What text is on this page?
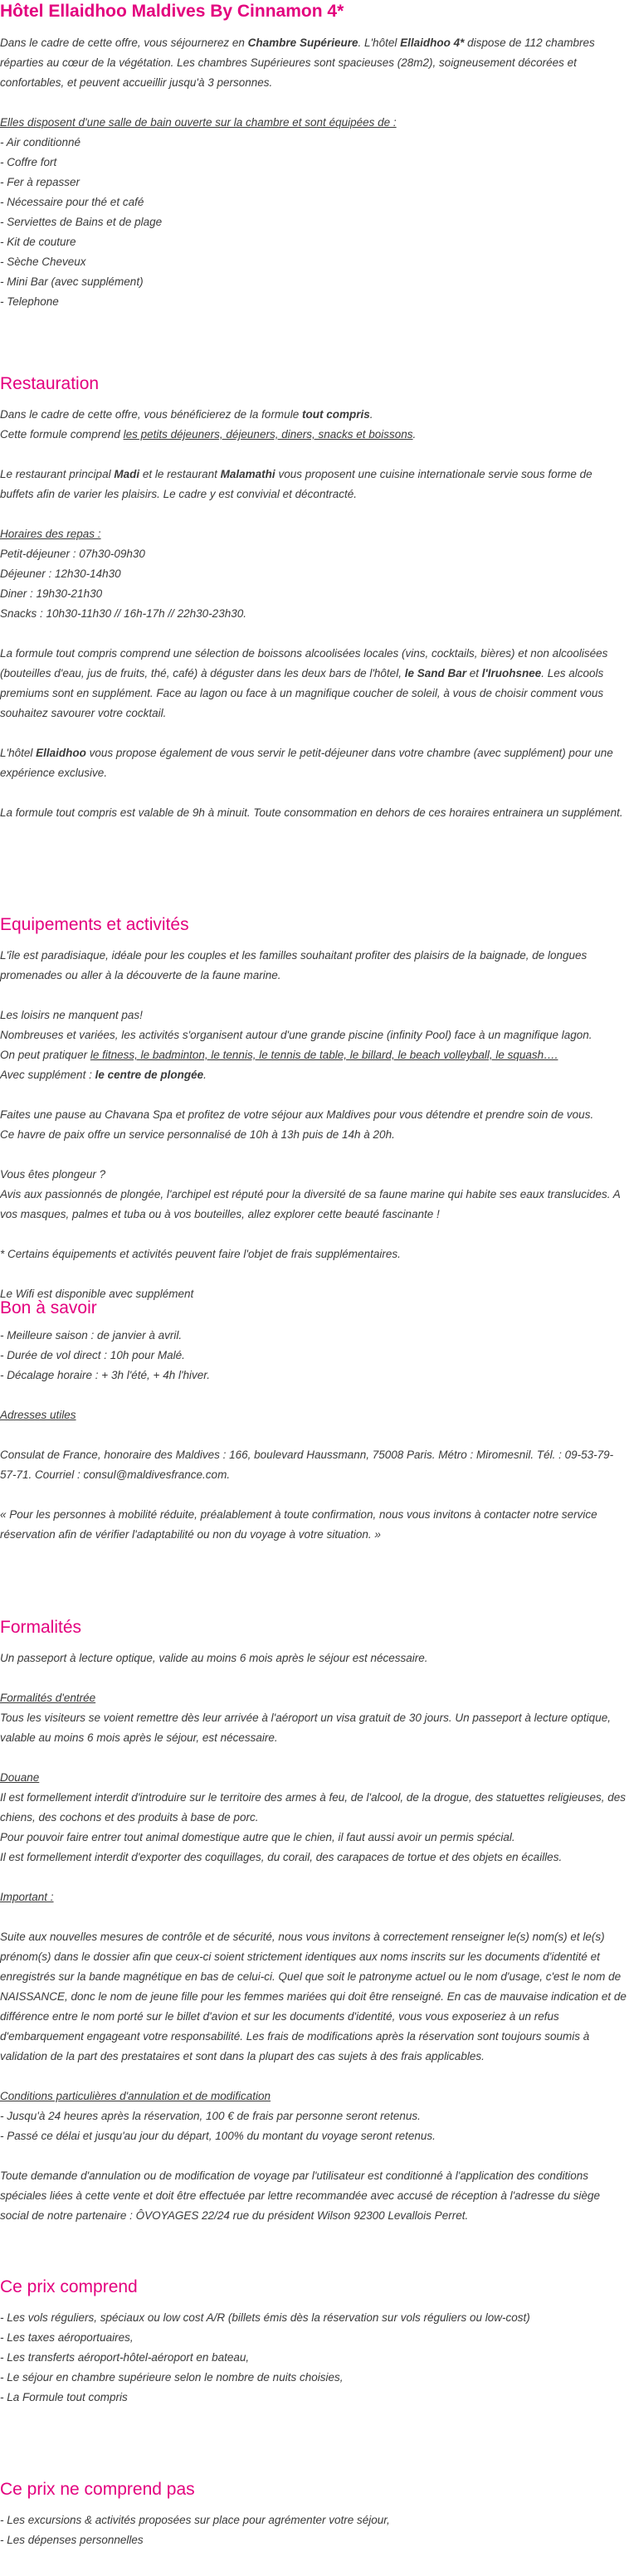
Hôtel Ellaidhoo Maldives By Cinnamon 4*

Dans le cadre de cette offre, vous séjournerez en Chambre Supérieure. L'hôtel Ellaidhoo 4* dispose de 112 chambres réparties au cœur de la végétation. Les chambres Supérieures sont spacieuses (28m2), soigneusement décorées et confortables, et peuvent accueillir jusqu'à 3 personnes.

Elles disposent d'une salle de bain ouverte sur la chambre et sont équipées de :

- Air conditionné

- Coffre fort

- Fer à repasser

- Nécessaire pour thé et café

- Serviettes de Bains et de plage

- Kit de couture

- Sèche Cheveux

- Mini Bar (avec supplément)

- Telephone

Restauration

Dans le cadre de cette offre, vous bénéficierez de la formule tout compris.

Cette formule comprend les petits déjeuners, déjeuners, diners, snacks et boissons.

Le restaurant principal Madi et le restaurant Malamathi vous proposent une cuisine internationale servie sous forme de buffets afin de varier les plaisirs. Le cadre y est convivial et décontracté.

Horaires des repas :

Petit-déjeuner : 07h30-09h30

Déjeuner : 12h30-14h30

Diner : 19h30-21h30

Snacks : 10h30-11h30 // 16h-17h // 22h30-23h30.

La formule tout compris comprend une sélection de boissons alcoolisées locales (vins, cocktails, bières) et non alcoolisées (bouteilles d'eau, jus de fruits, thé, café) à déguster dans les deux bars de l'hôtel, le Sand Bar et l'Iruohsnee. Les alcools premiums sont en supplément. Face au lagon ou face à un magnifique coucher de soleil, à vous de choisir comment vous souhaitez savourer votre cocktail.

L'hôtel Ellaidhoo vous propose également de vous servir le petit-déjeuner dans votre chambre (avec supplément) pour une expérience exclusive.

La formule tout compris est valable de 9h à minuit. Toute consommation en dehors de ces horaires entrainera un supplément.

Equipements et activités

L'île est paradisiaque, idéale pour les couples et les familles souhaitant profiter des plaisirs de la baignade, de longues promenades ou aller à la découverte de la faune marine.

Les loisirs ne manquent pas!

Nombreuses et variées, les activités s'organisent autour d'une grande piscine (infinity Pool) face à un magnifique lagon.

On peut pratiquer le fitness, le badminton, le tennis, le tennis de table, le billard, le beach volleyball, le squash….

Avec supplément : le centre de plongée.

Faites une pause au Chavana Spa et profitez de votre séjour aux Maldives pour vous détendre et prendre soin de vous.

Ce havre de paix offre un service personnalisé de 10h à 13h puis de 14h à 20h.

Vous êtes plongeur ?

Avis aux passionnés de plongée, l'archipel est réputé pour la diversité de sa faune marine qui habite ses eaux translucides. A vos masques, palmes et tuba ou à vos bouteilles, allez explorer cette beauté fascinante !

* Certains équipements et activités peuvent faire l'objet de frais supplémentaires.

Le Wifi est disponible avec supplément

Bon à savoir

- Meilleure saison : de janvier à avril.

- Durée de vol direct : 10h pour Malé.

- Décalage horaire : + 3h l'été, + 4h l'hiver.

Adresses utiles

Consulat de France, honoraire des Maldives : 166, boulevard Haussmann, 75008 Paris. Métro : Miromesnil. Tél. : 09-53-79-57-71. Courriel : consul@maldivesfrance.com.

« Pour les personnes à mobilité réduite, préalablement à toute confirmation, nous vous invitons à contacter notre service réservation afin de vérifier l'adaptabilité ou non du voyage à votre situation. »

Formalités

Un passeport à lecture optique, valide au moins 6 mois après le séjour est nécessaire.

Formalités d'entrée

Tous les visiteurs se voient remettre dès leur arrivée à l'aéroport un visa gratuit de 30 jours. Un passeport à lecture optique, valable au moins 6 mois après le séjour, est nécessaire.

Douane

Il est formellement interdit d'introduire sur le territoire des armes à feu, de l'alcool, de la drogue, des statuettes religieuses, des chiens, des cochons et des produits à base de porc.

Pour pouvoir faire entrer tout animal domestique autre que le chien, il faut aussi avoir un permis spécial.

Il est formellement interdit d'exporter des coquillages, du corail, des carapaces de tortue et des objets en écailles.

Important :

Suite aux nouvelles mesures de contrôle et de sécurité, nous vous invitons à correctement renseigner le(s) nom(s) et le(s) prénom(s) dans le dossier afin que ceux-ci soient strictement identiques aux noms inscrits sur les documents d'identité et enregistrés sur la bande magnétique en bas de celui-ci. Quel que soit le patronyme actuel ou le nom d'usage, c'est le nom de NAISSANCE, donc le nom de jeune fille pour les femmes mariées qui doit être renseigné. En cas de mauvaise indication et de différence entre le nom porté sur le billet d'avion et sur les documents d'identité, vous vous exposeriez à un refus d'embarquement engageant votre responsabilité. Les frais de modifications après la réservation sont toujours soumis à validation de la part des prestataires et sont dans la plupart des cas sujets à des frais applicables.

Conditions particulières d'annulation et de modification

- Jusqu'à 24 heures après la réservation, 100 € de frais par personne seront retenus.

- Passé ce délai et jusqu'au jour du départ, 100% du montant du voyage seront retenus.

Toute demande d'annulation ou de modification de voyage par l'utilisateur est conditionné à l'application des conditions spéciales liées à cette vente et doit être effectuée par lettre recommandée avec accusé de réception à l'adresse du siège social de notre partenaire : ÔVOYAGES 22/24 rue du président Wilson 92300 Levallois Perret.

Ce prix comprend

- Les vols réguliers, spéciaux ou low cost A/R (billets émis dès la réservation sur vols réguliers ou low-cost)

- Les taxes aéroportuaires,

- Les transferts aéroport-hôtel-aéroport en bateau,

- Le séjour en chambre supérieure selon le nombre de nuits choisies,

- La Formule tout compris

Ce prix ne comprend pas

- Les excursions & activités proposées sur place pour agrémenter votre séjour,

- Les dépenses personnelles
